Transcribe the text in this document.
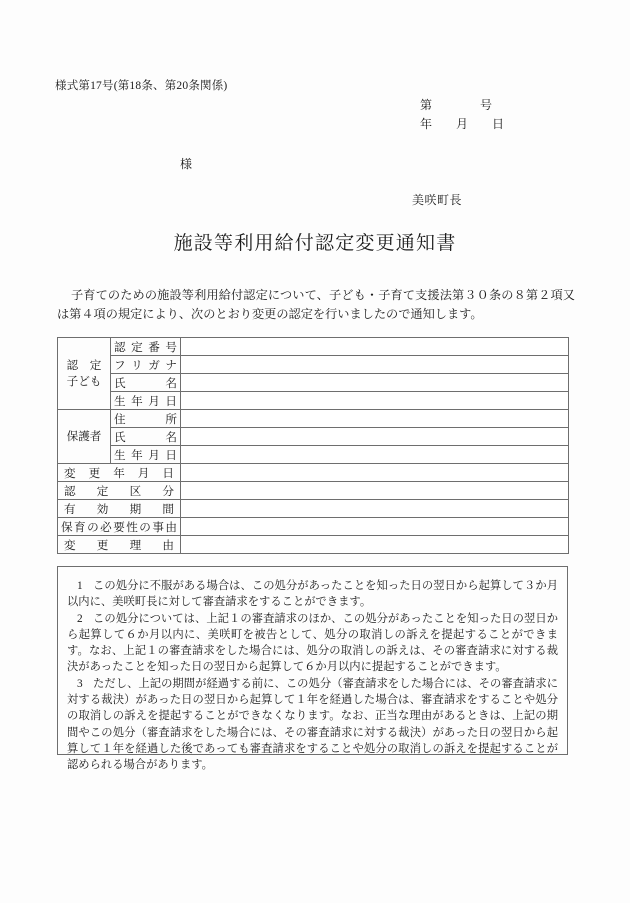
様式第17号(第18条、第20条関係)
第　　　　号
年　　月　　日
様
美咲町長
施設等利用給付認定変更通知書
子育てのための施設等利用給付認定について、子ども・子育て支援法第３０条の８第２項又は第４項の規定により、次のとおり変更の認定を行いましたので通知します。
認　定
子ども

認 定 番 号

	フ リ ガ ナ	

	氏 名	

	生 年 月 日	

保護者	住 所	

	氏 名	

	生 年 月 日	

変 更 年 月 日		

認 定 区 分		

有 効 期 間		

保 育 の 必 要 性 の 事 由

変 更 理 由		

1 この処分に不服がある場合は、この処分があったことを知った日の翌日から起算して３か月以内に、美咲町長に対して審査請求をすることができます。

2 この処分については、上記１の審査請求のほか、この処分があったことを知った日の翌日から起算して６か月以内に、美咲町を被告として、処分の取消しの訴えを提起することができます。なお、上記１の審査請求をした場合には、処分の取消しの訴えは、その審査請求に対する裁決があったことを知った日の翌日から起算して６か月以内に提起することができます。

3 ただし、上記の期間が経過する前に、この処分（審査請求をした場合には、その審査請求に対する裁決）があった日の翌日から起算して１年を経過した場合は、審査請求をすることや処分の取消しの訴えを提起することができなくなります。なお、正当な理由があるときは、上記の期間やこの処分（審査請求をした場合には、その審査請求に対する裁決）があった日の翌日から起算して１年を経過した後であっても審査請求をすることや処分の取消しの訴えを提起することが認められる場合があります。
